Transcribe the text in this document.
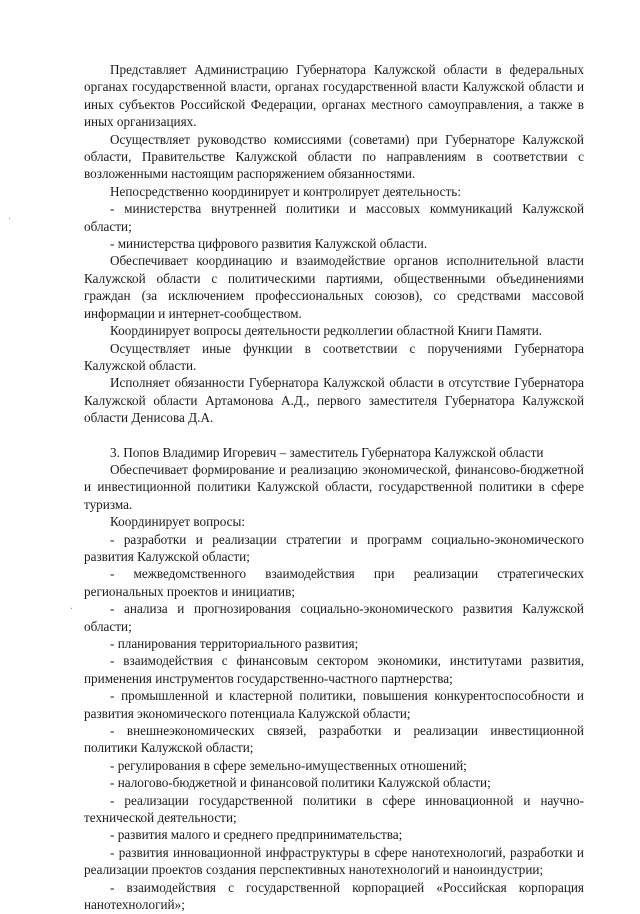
·
·

Представляет Администрацию Губернатора Калужской области в федеральных органах государственной власти, органах государственной власти Калужской области и иных субъектов Российской Федерации, органах местного самоуправления, а также в иных организациях.

Осуществляет руководство комиссиями (советами) при Губернаторе Калужской области, Правительстве Калужской области по направлениям в соответствии с возложенными настоящим распоряжением обязанностями.

Непосредственно координирует и контролирует деятельность:

- министерства внутренней политики и массовых коммуникаций Калужской области;

- министерства цифрового развития Калужской области.

Обеспечивает координацию и взаимодействие органов исполнительной власти Калужской области с политическими партиями, общественными объединениями граждан (за исключением профессиональных союзов), со средствами массовой информации и интернет-сообществом.

Координирует вопросы деятельности редколлегии областной Книги Памяти.

Осуществляет иные функции в соответствии с поручениями Губернатора Калужской области.

Исполняет обязанности Губернатора Калужской области в отсутствие Губернатора Калужской области Артамонова А.Д., первого заместителя Губернатора Калужской области Денисова Д.А.

3. Попов Владимир Игоревич – заместитель Губернатора Калужской области

Обеспечивает формирование и реализацию экономической, финансово-бюджетной и инвестиционной политики Калужской области, государственной политики в сфере туризма.

Координирует вопросы:

- разработки и реализации стратегии и программ социально-экономического развития Калужской области;

- межведомственного взаимодействия при реализации стратегических региональных проектов и инициатив;

- анализа и прогнозирования социально-экономического развития Калужской области;

- планирования территориального развития;

- взаимодействия с финансовым сектором экономики, институтами развития, применения инструментов государственно-частного партнерства;

- промышленной и кластерной политики, повышения конкурентоспособности и развития экономического потенциала Калужской области;

- внешнеэкономических связей, разработки и реализации инвестиционной политики Калужской области;

- регулирования в сфере земельно-имущественных отношений;

- налогово-бюджетной и финансовой политики Калужской области;

- реализации государственной политики в сфере инновационной и научно-технической деятельности;

- развития малого и среднего предпринимательства;

- развития инновационной инфраструктуры в сфере нанотехнологий, разработки и реализации проектов создания перспективных нанотехнологий и наноиндустрии;

- взаимодействия с государственной корпорацией «Российская корпорация нанотехнологий»;
